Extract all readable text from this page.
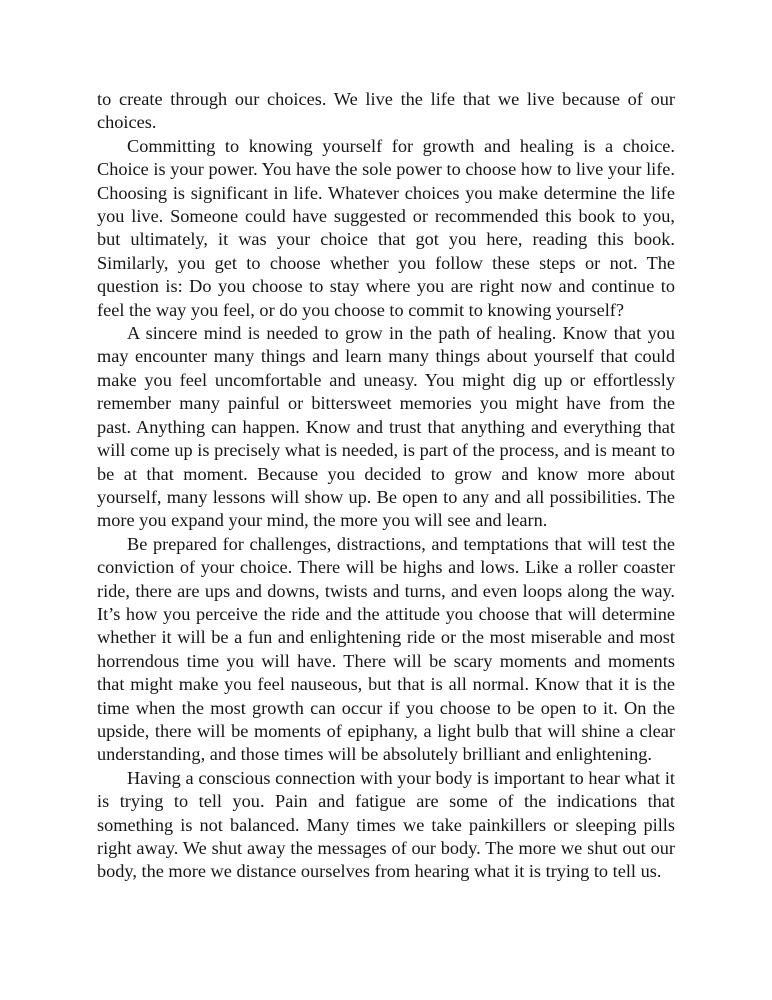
to create through our choices. We live the life that we live because of our choices.

Committing to knowing yourself for growth and healing is a choice. Choice is your power. You have the sole power to choose how to live your life. Choosing is significant in life. Whatever choices you make determine the life you live. Someone could have suggested or recommended this book to you, but ultimately, it was your choice that got you here, reading this book. Similarly, you get to choose whether you follow these steps or not. The question is: Do you choose to stay where you are right now and continue to feel the way you feel, or do you choose to commit to knowing yourself?

A sincere mind is needed to grow in the path of healing. Know that you may encounter many things and learn many things about yourself that could make you feel uncomfortable and uneasy. You might dig up or effortlessly remember many painful or bittersweet memories you might have from the past. Anything can happen. Know and trust that anything and everything that will come up is precisely what is needed, is part of the process, and is meant to be at that moment. Because you decided to grow and know more about yourself, many lessons will show up. Be open to any and all possibilities. The more you expand your mind, the more you will see and learn.

Be prepared for challenges, distractions, and temptations that will test the conviction of your choice. There will be highs and lows. Like a roller coaster ride, there are ups and downs, twists and turns, and even loops along the way. It’s how you perceive the ride and the attitude you choose that will determine whether it will be a fun and enlightening ride or the most miserable and most horrendous time you will have. There will be scary moments and moments that might make you feel nauseous, but that is all normal. Know that it is the time when the most growth can occur if you choose to be open to it. On the upside, there will be moments of epiphany, a light bulb that will shine a clear understanding, and those times will be absolutely brilliant and enlightening.

Having a conscious connection with your body is important to hear what it is trying to tell you. Pain and fatigue are some of the indications that something is not balanced. Many times we take painkillers or sleeping pills right away. We shut away the messages of our body. The more we shut out our body, the more we distance ourselves from hearing what it is trying to tell us.
